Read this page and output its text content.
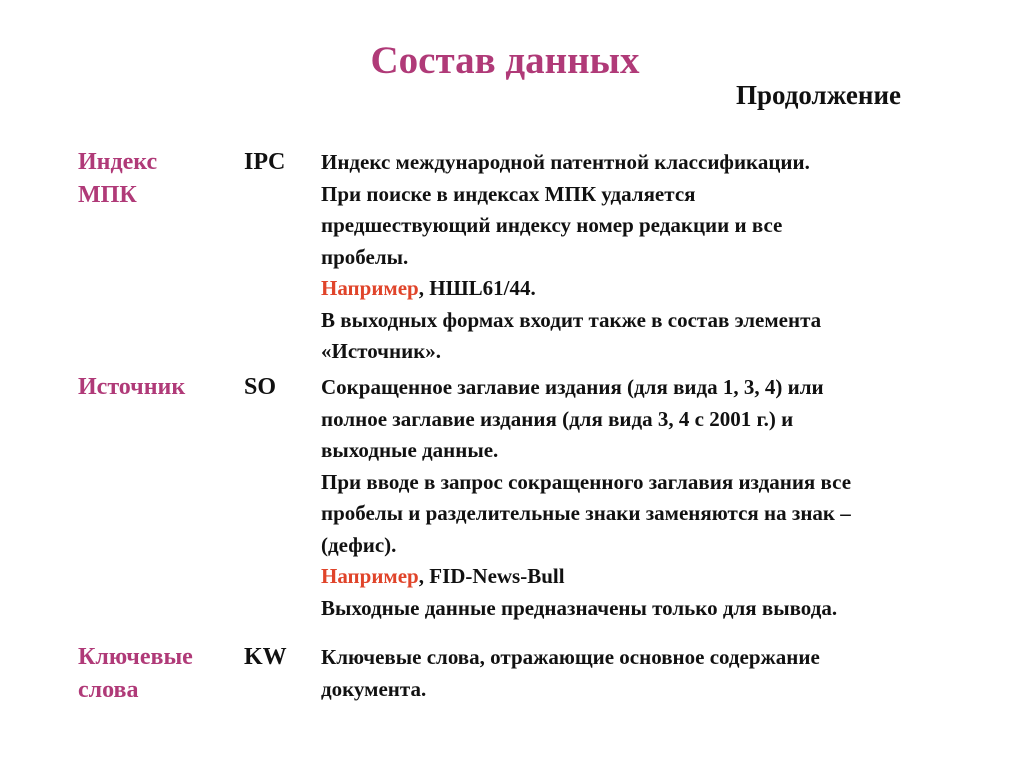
Состав данных
Продолжение
Индекс
МПК
IPC	Индекс международной патентной классификации.
При поиске в индексах МПК удаляется
предшествующий индексу номер редакции и все
пробелы.
Например, НШL61/44.
В выходных формах входит также в состав элемента
«Источник».
Источник	SO	Сокращенное заглавие издания (для вида 1, 3, 4) или
полное заглавие издания (для вида 3, 4 с 2001 г.) и
выходные данные.
При вводе в запрос сокращенного заглавия издания все
пробелы и разделительные знаки заменяются на знак –
(дефис).
Например, FID-News-Bull
Выходные данные предназначены только для вывода.
Ключевые
слова
KW	Ключевые слова, отражающие основное содержание
документа.
